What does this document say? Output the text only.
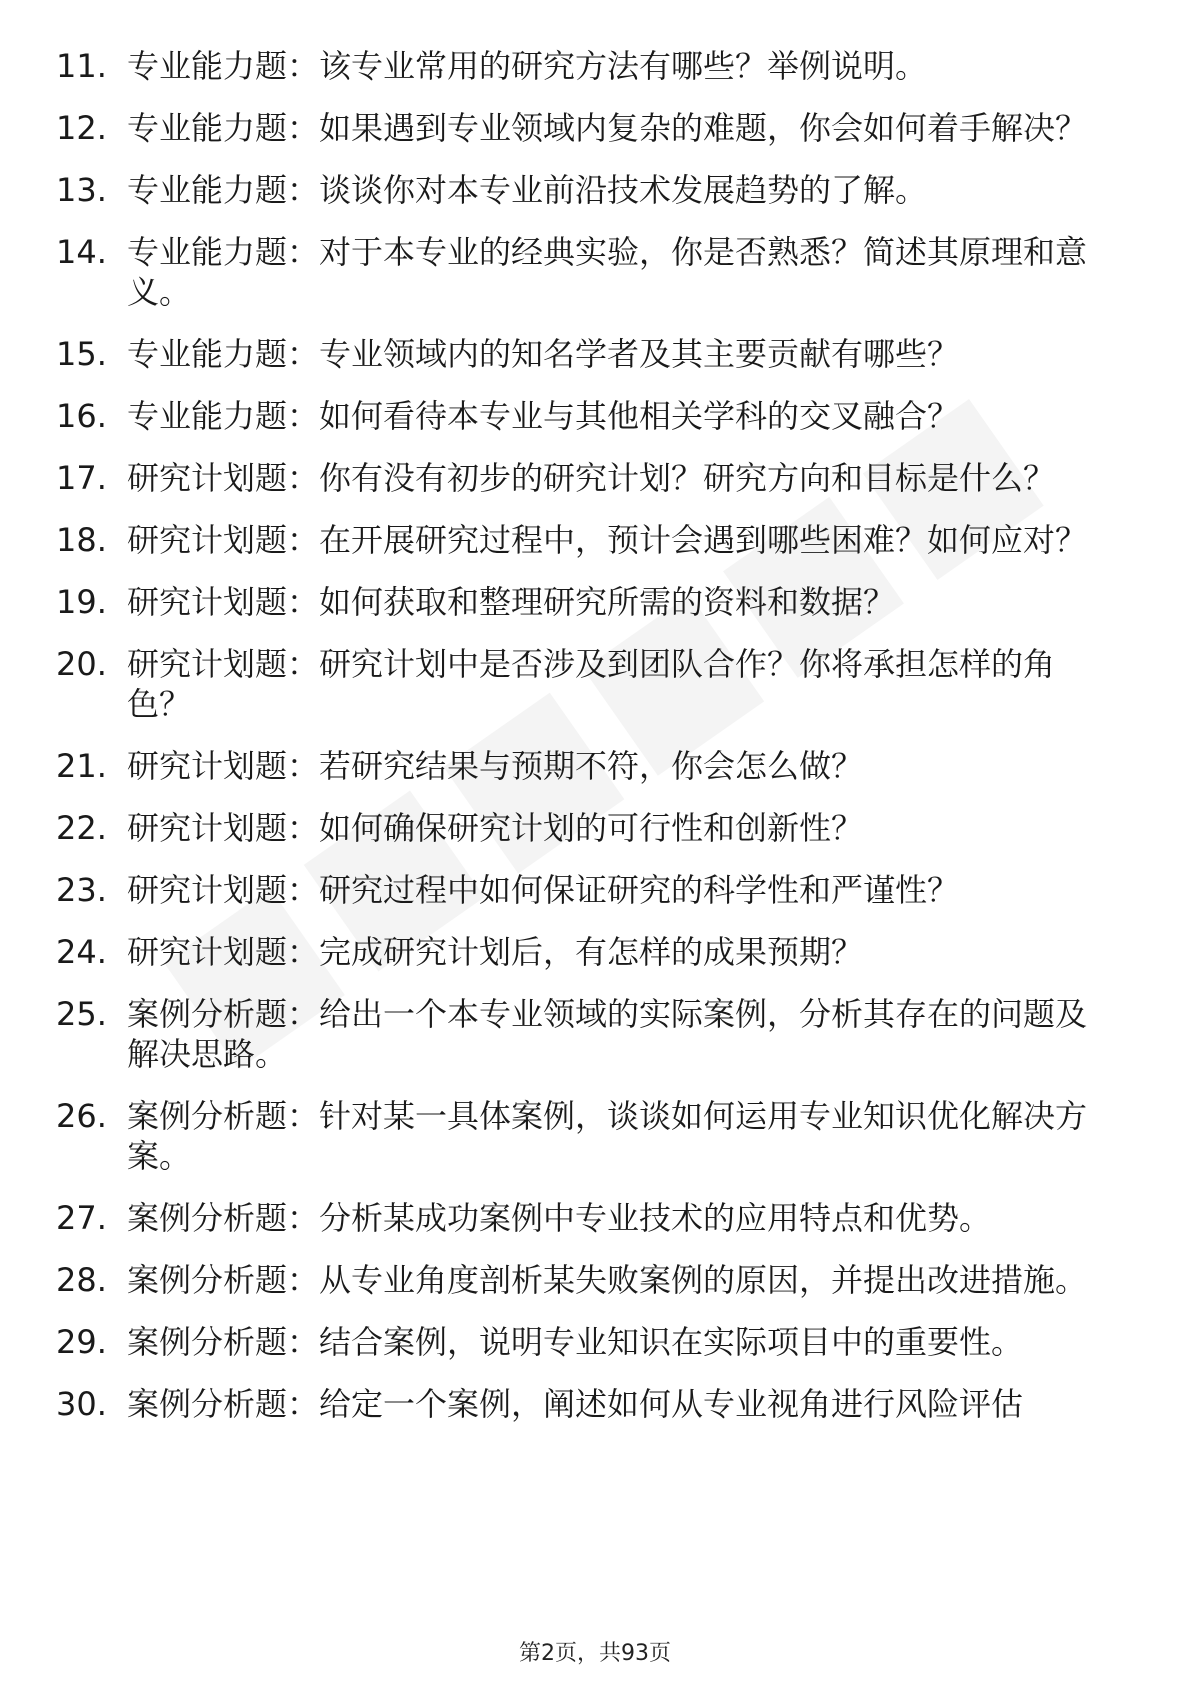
11. 专业能力题：该专业常用的研究方法有哪些？举例说明。
12. 专业能力题：如果遇到专业领域内复杂的难题，你会如何着手解决？
13. 专业能力题：谈谈你对本专业前沿技术发展趋势的了解。
14. 专业能力题：对于本专业的经典实验，你是否熟悉？简述其原理和意义。
15. 专业能力题：专业领域内的知名学者及其主要贡献有哪些？
16. 专业能力题：如何看待本专业与其他相关学科的交叉融合？
17. 研究计划题：你有没有初步的研究计划？研究方向和目标是什么？
18. 研究计划题：在开展研究过程中，预计会遇到哪些困难？如何应对？
19. 研究计划题：如何获取和整理研究所需的资料和数据？
20. 研究计划题：研究计划中是否涉及到团队合作？你将承担怎样的角色？
21. 研究计划题：若研究结果与预期不符，你会怎么做？
22. 研究计划题：如何确保研究计划的可行性和创新性？
23. 研究计划题：研究过程中如何保证研究的科学性和严谨性？
24. 研究计划题：完成研究计划后，有怎样的成果预期？
25. 案例分析题：给出一个本专业领域的实际案例，分析其存在的问题及解决思路。
26. 案例分析题：针对某一具体案例，谈谈如何运用专业知识优化解决方案。
27. 案例分析题：分析某成功案例中专业技术的应用特点和优势。
28. 案例分析题：从专业角度剖析某失败案例的原因，并提出改进措施。
29. 案例分析题：结合案例，说明专业知识在实际项目中的重要性。
30. 案例分析题：给定一个案例，阐述如何从专业视角进行风险评估
第2页，共93页
